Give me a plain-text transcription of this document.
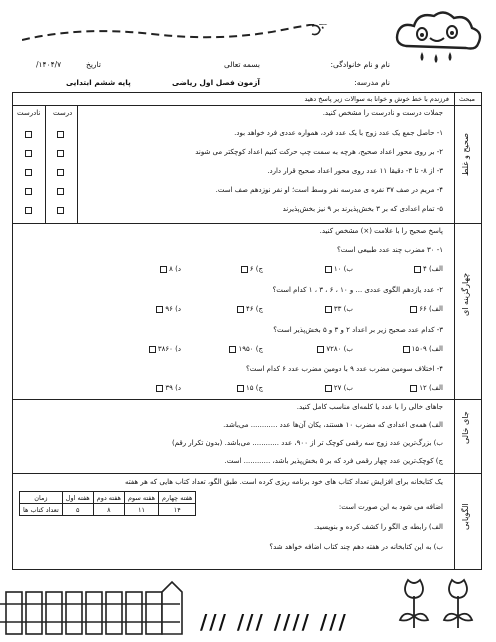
نام و نام خانوادگی:
بسمه تعالی
تاریخ
۱۴۰۴/۷/
نام مدرسه:
آزمون فصل اول ریاضی
پایه ششم ابتدایی
فرزندم با خط خوش و خوانا به سوالات زیر پاسخ دهید مبحث
صحیح و غلط
جملات درست و نادرست را مشخص کنید.
درست
نادرست
۱- حاصل جمع یک عدد زوج با یک عدد فرد، همواره عددی فرد خواهد بود.
۲- بر روی محور اعداد صحیح، هرچه به سمت چپ حرکت کنیم اعداد کوچکتر می شوند
۳- از ۸- تا ۳- دقیقا ۱۱ عدد روی محور اعداد صحیح قرار دارد.
۴- مریم در صف ۳۷ نفره ی مدرسه نفر وسط است؛ او نفر نوزدهم صف است.
۵- تمام اعدادی که بر ۳ بخش‌پذیرند بر ۹ نیز بخش‌پذیرند
چهارگزینه ای
پاسخ صحیح را با علامت (×) مشخص کنید.
۱- ۳۰ مضرب چند عدد طبیعی است؟
الف) ۴
ب) ۱۰
ج) ۶
د) ۸
۲- عدد یازدهم الگوی عددی ... و ۱۰ ، ۶ ، ۳ ، ۱ کدام است؟
الف) ۶۶
ب) ۳۳
ج) ۴۶
د) ۹۶
۳- کدام عدد صحیح زیر بر اعداد ۲ و ۳ و ۵ بخش‌پذیر است؟
الف) ۱۵۰۹
ب) ۷۲۸۰
ج) ۱۹۵۰
د) ۳۸۶۰
۴- اختلاف سومین مضرب عدد ۹ با دومین مضرب عدد ۶ کدام است؟
الف) ۱۲
ب) ۲۷
ج) ۱۵
د) ۳۹
جای خالی
جاهای خالی را با عدد یا کلمه‌ای مناسب کامل کنید.
الف) همه‌ی اعدادی که مضرب ۱۰ هستند، یکان آن‌ها عدد ............ می‌باشد.
ب) بزرگ‌ترین عدد زوج سه رقمی کوچک تر از ۹۰۰، عدد ............ می‌باشد. (بدون تکرار رقم)
ج) کوچک‌ترین عدد چهار رقمی فرد که بر ۵ بخش‌پذیر باشد، ............ است.
الگویابی
یک کتابخانه برای افزایش تعداد کتاب های خود برنامه ریزی کرده است. طبق الگو، تعداد کتاب هایی که هر هفته
اضافه می شود به این صورت است:
الف) رابطه ی الگو را کشف کرده و بنویسید.
ب) به این کتابخانه در هفته دهم چند کتاب اضافه خواهد شد؟
هفته چهارم	هفته سوم	هفته دوم	هفته اول	زمان
۱۴	۱۱	۸	۵	تعداد کتاب ها
/// /// //// ///
